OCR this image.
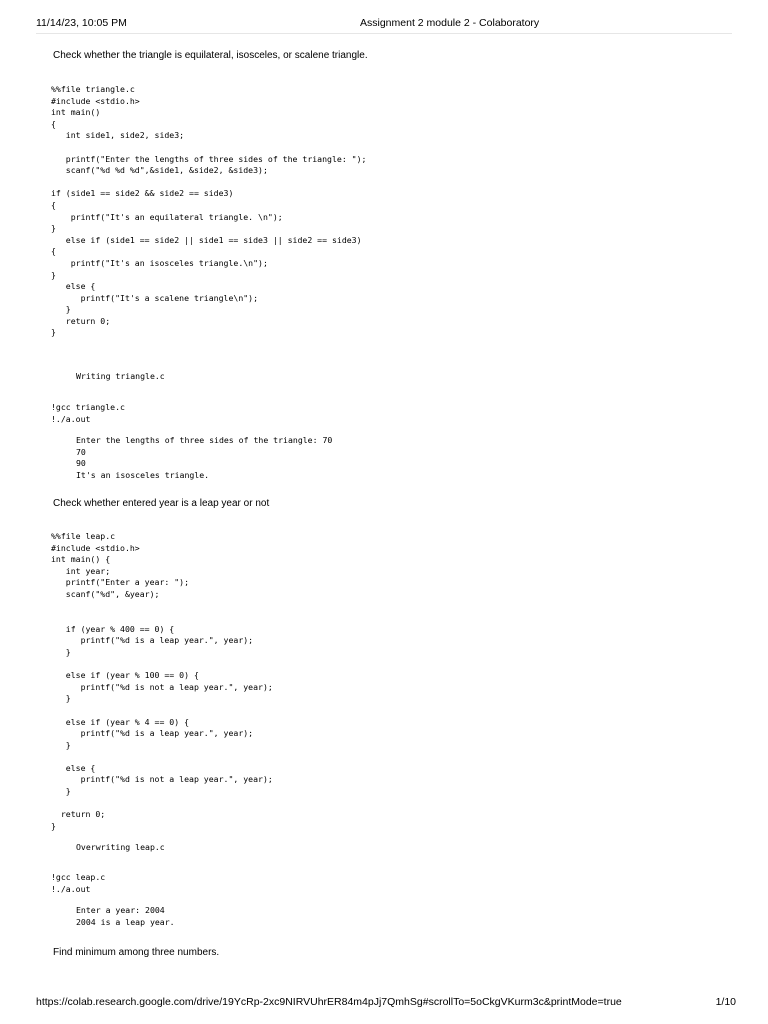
11/14/23, 10:05 PM	Assignment 2 module 2 - Colaboratory
Check whether the triangle is equilateral, isosceles, or scalene triangle.
%%file triangle.c
#include <stdio.h>
int main()
{
int side1, side2, side3;

printf("Enter the lengths of three sides of the triangle: ");
scanf("%d %d %d",&side1, &side2, &side3);

if (side1 == side2 && side2 == side3)
{
printf("It's an equilateral triangle. \n");
}
else if (side1 == side2 || side1 == side3 || side2 == side3)
{
printf("It's an isosceles triangle.\n");
}
else {
printf("It's a scalene triangle\n");
}
return 0;
}
Writing triangle.c
!gcc triangle.c
!./a.out
Enter the lengths of three sides of the triangle: 70
70
90
It's an isosceles triangle.
Check whether entered year is a leap year or not
%%file leap.c
#include <stdio.h>
int main() {
int year;
printf("Enter a year: ");
scanf("%d", &year);

if (year % 400 == 0) {
printf("%d is a leap year.", year);
}

else if (year % 100 == 0) {
printf("%d is not a leap year.", year);
}

else if (year % 4 == 0) {
printf("%d is a leap year.", year);
}

else {
printf("%d is not a leap year.", year);
}

return 0;
}
Overwriting leap.c
!gcc leap.c
!./a.out
Enter a year: 2004
2004 is a leap year.
Find minimum among three numbers.
https://colab.research.google.com/drive/19YcRp-2xc9NIRVUhrER84m4pJj7QmhSg#scrollTo=5oCkgVKurm3c&printMode=true	1/10
